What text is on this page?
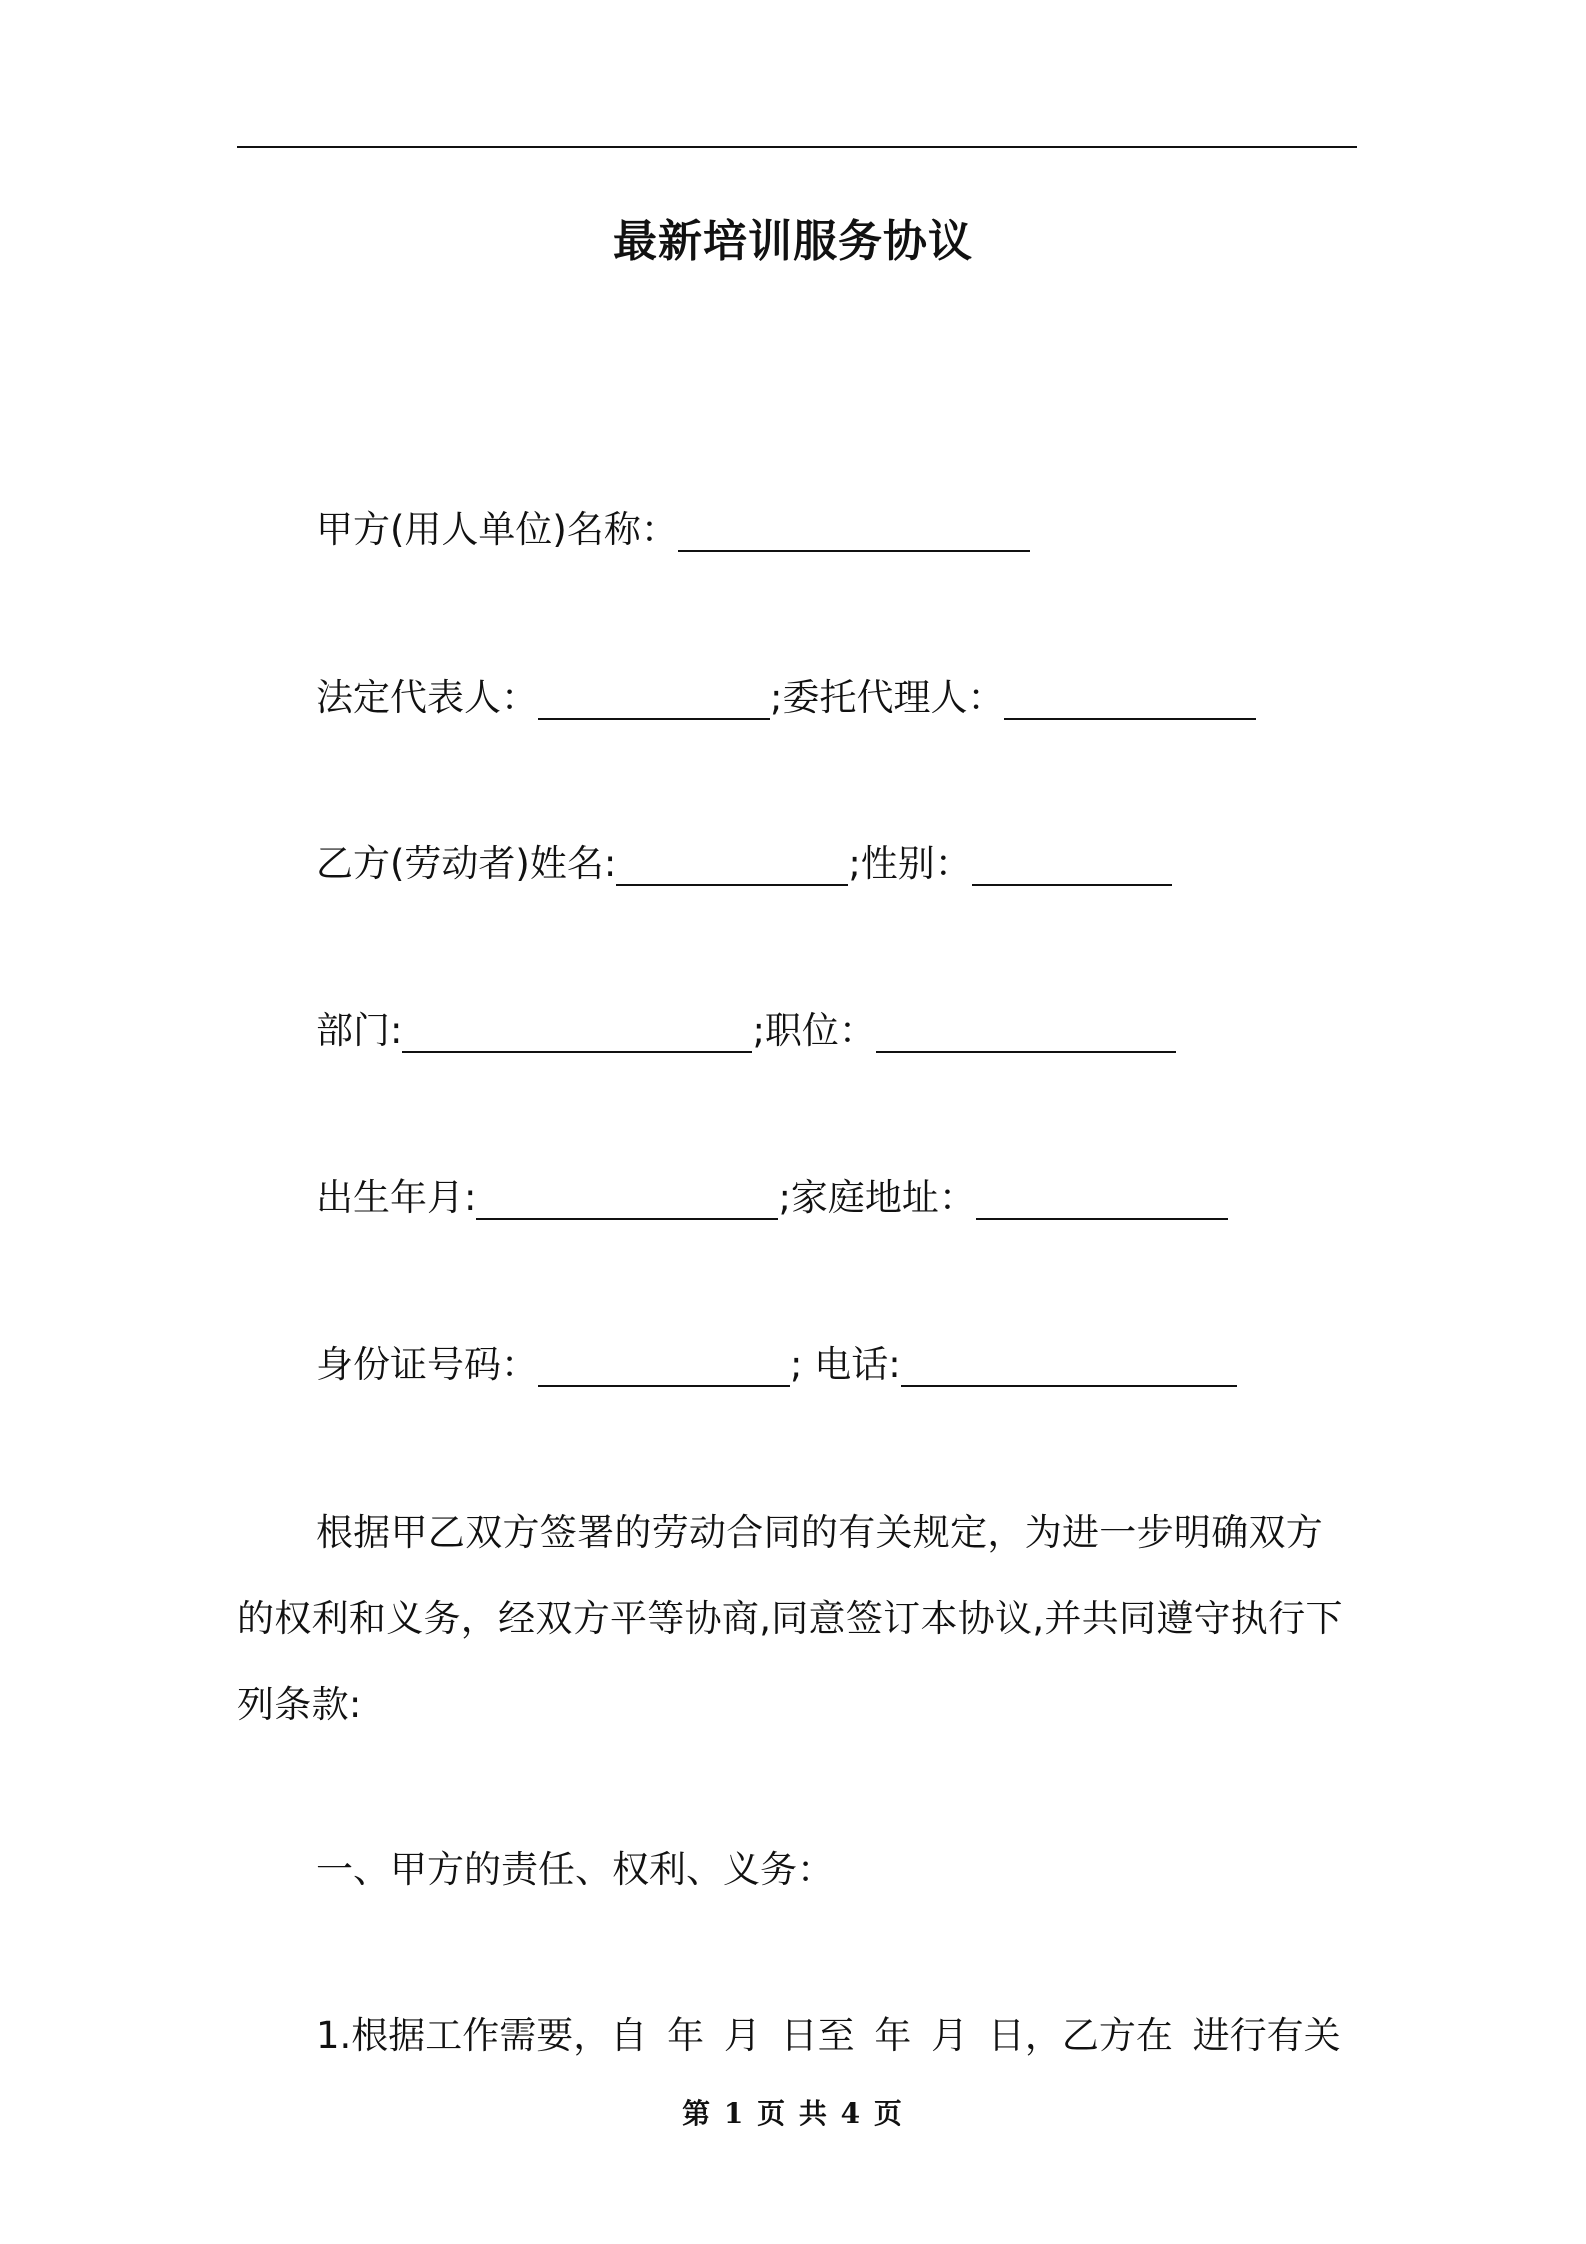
最新培训服务协议
甲方(用人单位)名称：
法定代表人：	;委托代理人：
乙方(劳动者)姓名:	;性别：
部门:	;职位：
出生年月:	;家庭地址：
身份证号码：	; 电话:

根据甲乙双方签署的劳动合同的有关规定，为进一步明确双方的权利和义务，经双方平等协商,同意签订本协议,并共同遵守执行下列条款:

一、甲方的责任、权利、义务：

1.根据工作需要，自 年 月 日至 年 月 日，乙方在 进行有关

第 1 页 共 4 页
